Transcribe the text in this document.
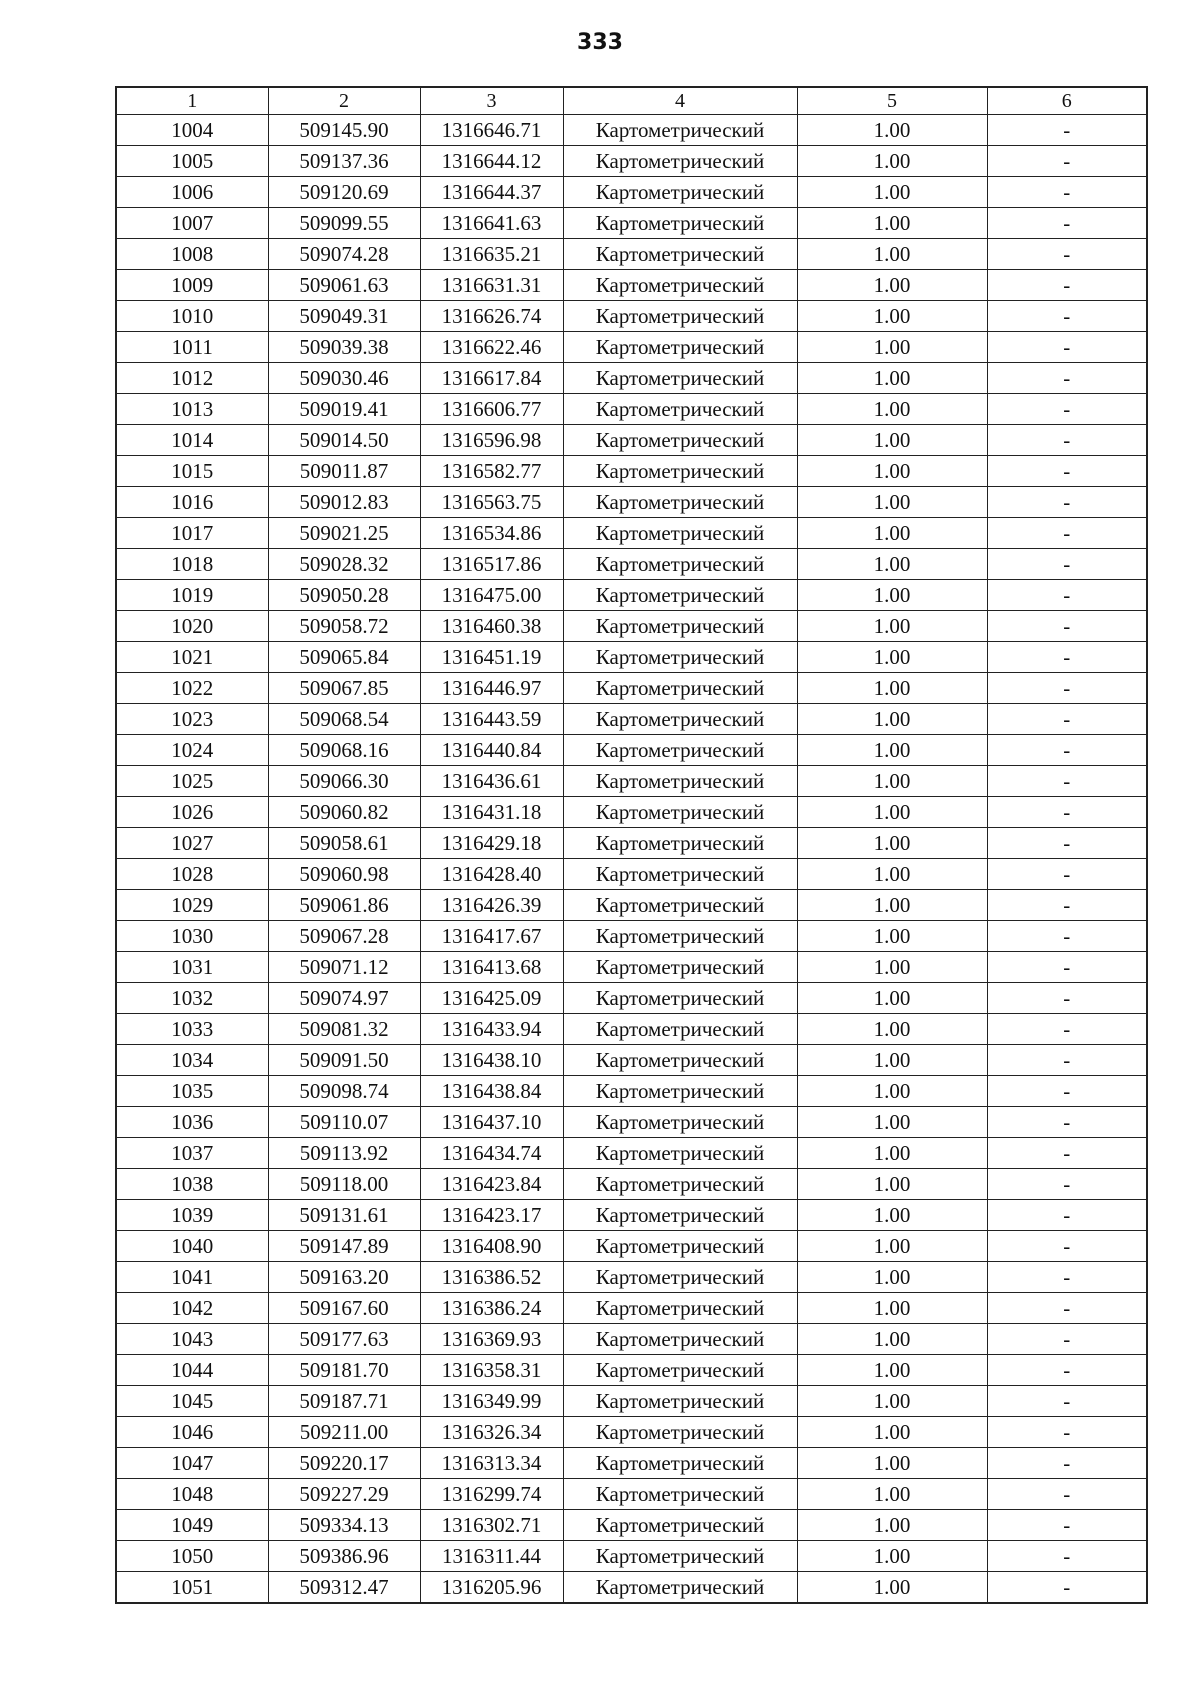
333
1	2	3	4	5	6
1004	509145.90	1316646.71	Картометрический	1.00	-
1005	509137.36	1316644.12	Картометрический	1.00	-
1006	509120.69	1316644.37	Картометрический	1.00	-
1007	509099.55	1316641.63	Картометрический	1.00	-
1008	509074.28	1316635.21	Картометрический	1.00	-
1009	509061.63	1316631.31	Картометрический	1.00	-
1010	509049.31	1316626.74	Картометрический	1.00	-
1011	509039.38	1316622.46	Картометрический	1.00	-
1012	509030.46	1316617.84	Картометрический	1.00	-
1013	509019.41	1316606.77	Картометрический	1.00	-
1014	509014.50	1316596.98	Картометрический	1.00	-
1015	509011.87	1316582.77	Картометрический	1.00	-
1016	509012.83	1316563.75	Картометрический	1.00	-
1017	509021.25	1316534.86	Картометрический	1.00	-
1018	509028.32	1316517.86	Картометрический	1.00	-
1019	509050.28	1316475.00	Картометрический	1.00	-
1020	509058.72	1316460.38	Картометрический	1.00	-
1021	509065.84	1316451.19	Картометрический	1.00	-
1022	509067.85	1316446.97	Картометрический	1.00	-
1023	509068.54	1316443.59	Картометрический	1.00	-
1024	509068.16	1316440.84	Картометрический	1.00	-
1025	509066.30	1316436.61	Картометрический	1.00	-
1026	509060.82	1316431.18	Картометрический	1.00	-
1027	509058.61	1316429.18	Картометрический	1.00	-
1028	509060.98	1316428.40	Картометрический	1.00	-
1029	509061.86	1316426.39	Картометрический	1.00	-
1030	509067.28	1316417.67	Картометрический	1.00	-
1031	509071.12	1316413.68	Картометрический	1.00	-
1032	509074.97	1316425.09	Картометрический	1.00	-
1033	509081.32	1316433.94	Картометрический	1.00	-
1034	509091.50	1316438.10	Картометрический	1.00	-
1035	509098.74	1316438.84	Картометрический	1.00	-
1036	509110.07	1316437.10	Картометрический	1.00	-
1037	509113.92	1316434.74	Картометрический	1.00	-
1038	509118.00	1316423.84	Картометрический	1.00	-
1039	509131.61	1316423.17	Картометрический	1.00	-
1040	509147.89	1316408.90	Картометрический	1.00	-
1041	509163.20	1316386.52	Картометрический	1.00	-
1042	509167.60	1316386.24	Картометрический	1.00	-
1043	509177.63	1316369.93	Картометрический	1.00	-
1044	509181.70	1316358.31	Картометрический	1.00	-
1045	509187.71	1316349.99	Картометрический	1.00	-
1046	509211.00	1316326.34	Картометрический	1.00	-
1047	509220.17	1316313.34	Картометрический	1.00	-
1048	509227.29	1316299.74	Картометрический	1.00	-
1049	509334.13	1316302.71	Картометрический	1.00	-
1050	509386.96	1316311.44	Картометрический	1.00	-
1051	509312.47	1316205.96	Картометрический	1.00	-
